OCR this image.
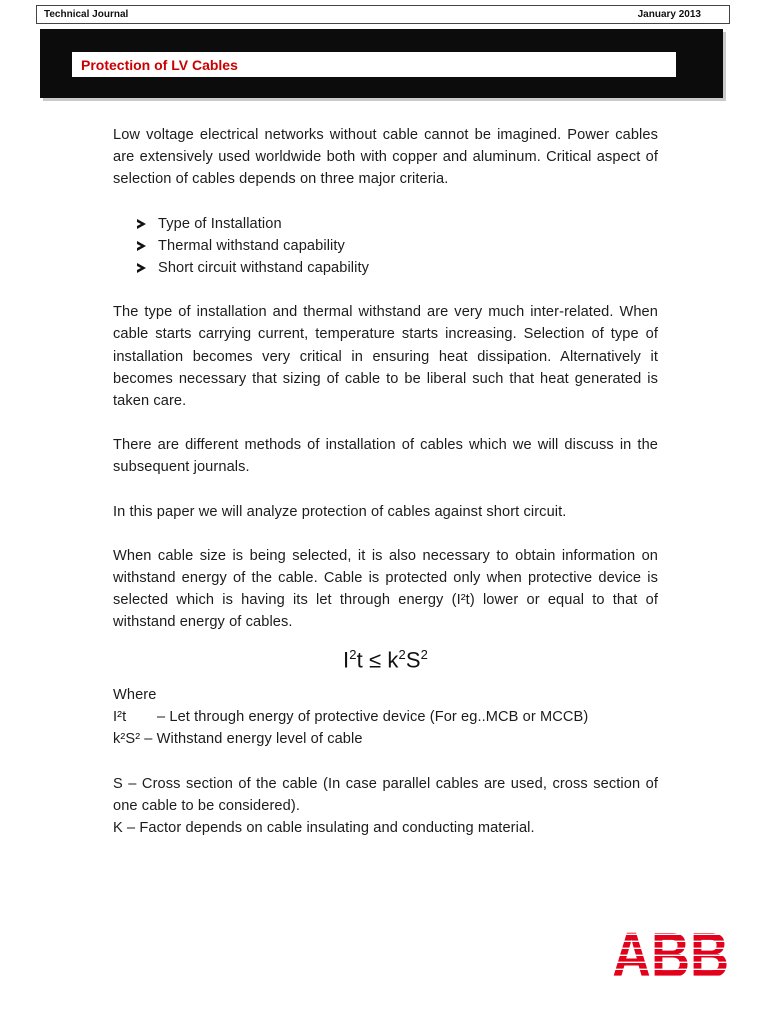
Technical Journal	January 2013
Protection of LV Cables

Low voltage electrical networks without cable cannot be imagined. Power cables are extensively used worldwide both with copper and aluminum. Critical aspect of selection of cables depends on three major criteria.

Type of Installation
Thermal withstand capability
Short circuit withstand capability

The type of installation and thermal withstand are very much inter-related. When cable starts carrying current, temperature starts increasing. Selection of type of installation becomes very critical in ensuring heat dissipation. Alternatively it becomes necessary that sizing of cable to be liberal such that heat generated is taken care.

There are different methods of installation of cables which we will discuss in the subsequent journals.

In this paper we will analyze protection of cables against short circuit.

When cable size is being selected, it is also necessary to obtain information on withstand energy of the cable. Cable is protected only when protective device is selected which is having its let through energy (I²t) lower or equal to that of withstand energy of cables.

$I^2t \le k^2S^2$

Where

I²t – Let through energy of protective device (For eg..MCB or MCCB)

k²S² – Withstand energy level of cable

S – Cross section of the cable (In case parallel cables are used, cross section of one cable to be considered).

K – Factor depends on cable insulating and conducting material.

ABB
